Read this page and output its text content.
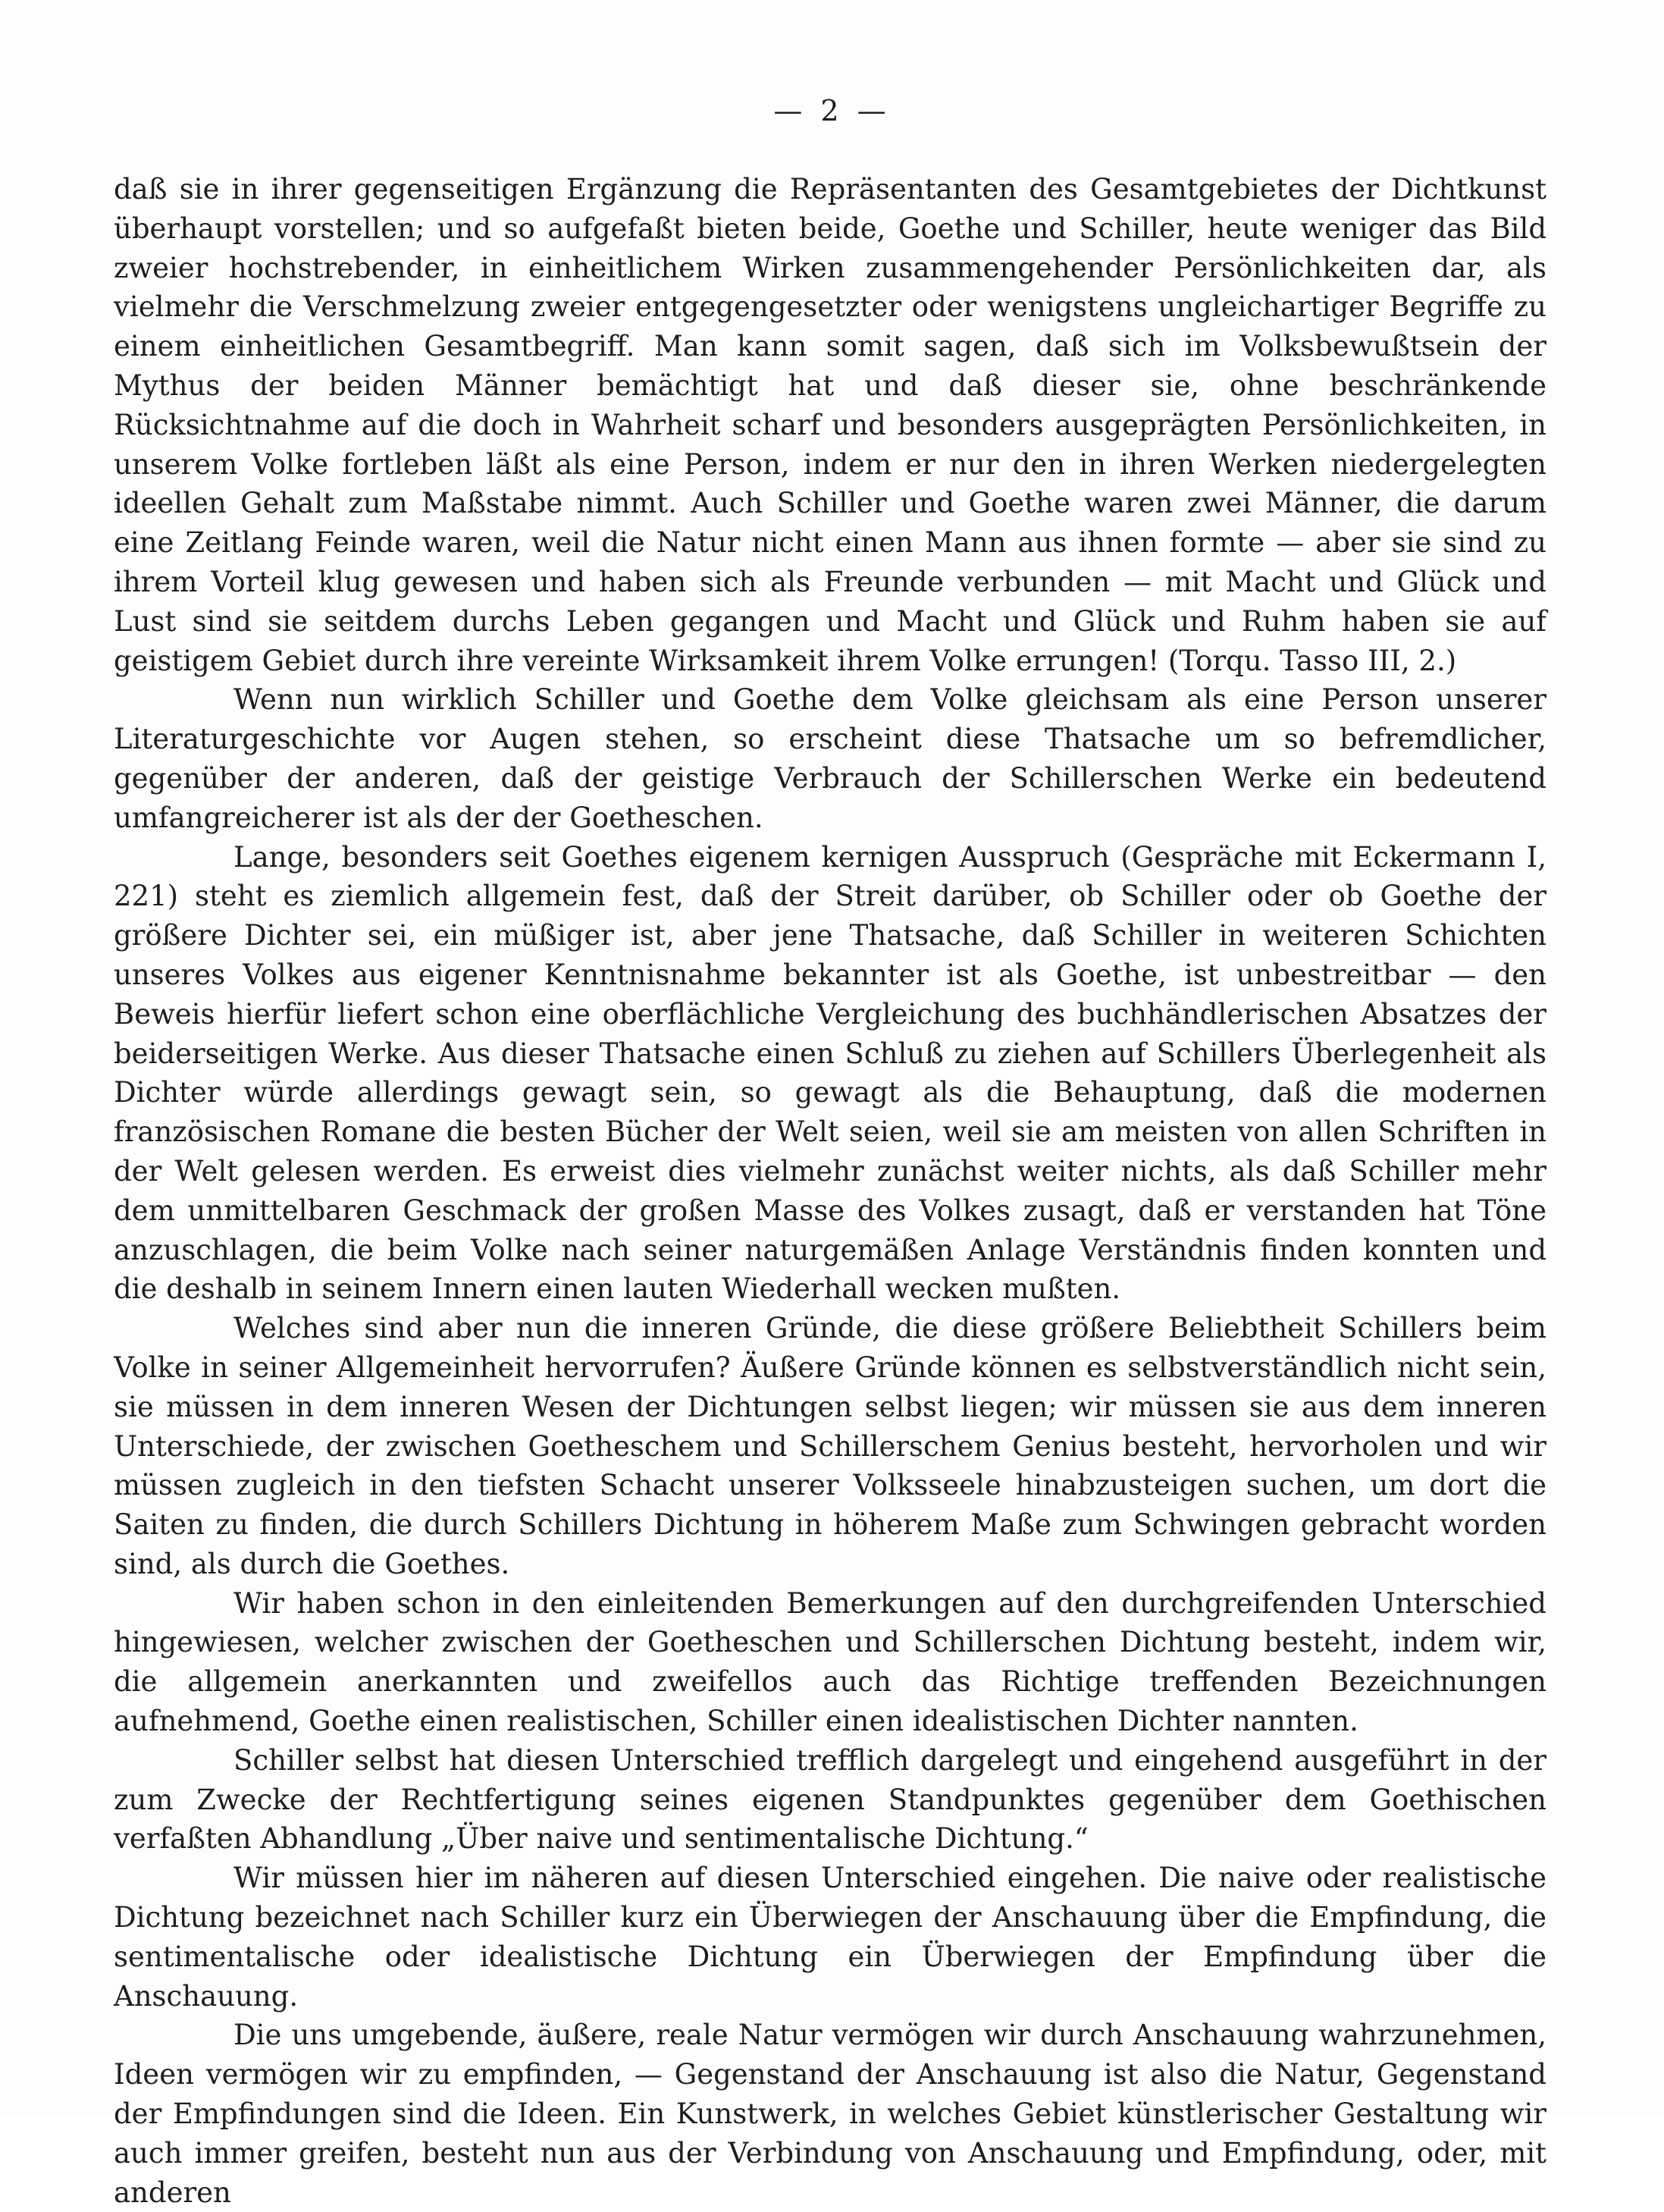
— 2 —

daß sie in ihrer gegenseitigen Ergänzung die Repräsentanten des Gesamtgebietes der Dichtkunst überhaupt vorstellen; und so aufgefaßt bieten beide, Goethe und Schiller, heute weniger das Bild zweier hochstrebender, in einheitlichem Wirken zusammengehender Persönlichkeiten dar, als vielmehr die Verschmelzung zweier entgegengesetzter oder wenigstens ungleichartiger Begriffe zu einem einheitlichen Gesamtbegriff. Man kann somit sagen, daß sich im Volksbewußtsein der Mythus der beiden Männer bemächtigt hat und daß dieser sie, ohne beschränkende Rücksichtnahme auf die doch in Wahrheit scharf und besonders ausgeprägten Persönlichkeiten, in unserem Volke fortleben läßt als eine Person, indem er nur den in ihren Werken niedergelegten ideellen Gehalt zum Maßstabe nimmt. Auch Schiller und Goethe waren zwei Männer, die darum eine Zeitlang Feinde waren, weil die Natur nicht einen Mann aus ihnen formte — aber sie sind zu ihrem Vorteil klug gewesen und haben sich als Freunde verbunden — mit Macht und Glück und Lust sind sie seitdem durchs Leben gegangen und Macht und Glück und Ruhm haben sie auf geistigem Gebiet durch ihre vereinte Wirksamkeit ihrem Volke errungen! (Torqu. Tasso III, 2.)

Wenn nun wirklich Schiller und Goethe dem Volke gleichsam als eine Person unserer Literaturgeschichte vor Augen stehen, so erscheint diese Thatsache um so befremdlicher, gegenüber der anderen, daß der geistige Verbrauch der Schillerschen Werke ein bedeutend umfangreicherer ist als der der Goetheschen.

Lange, besonders seit Goethes eigenem kernigen Ausspruch (Gespräche mit Eckermann I, 221) steht es ziemlich allgemein fest, daß der Streit darüber, ob Schiller oder ob Goethe der größere Dichter sei, ein müßiger ist, aber jene Thatsache, daß Schiller in weiteren Schichten unseres Volkes aus eigener Kenntnisnahme bekannter ist als Goethe, ist unbestreitbar — den Beweis hierfür liefert schon eine oberflächliche Vergleichung des buchhändlerischen Absatzes der beiderseitigen Werke. Aus dieser Thatsache einen Schluß zu ziehen auf Schillers Überlegenheit als Dichter würde allerdings gewagt sein, so gewagt als die Behauptung, daß die modernen französischen Romane die besten Bücher der Welt seien, weil sie am meisten von allen Schriften in der Welt gelesen werden. Es erweist dies vielmehr zunächst weiter nichts, als daß Schiller mehr dem unmittelbaren Geschmack der großen Masse des Volkes zusagt, daß er verstanden hat Töne anzuschlagen, die beim Volke nach seiner naturgemäßen Anlage Verständnis finden konnten und die deshalb in seinem Innern einen lauten Wiederhall wecken mußten.

Welches sind aber nun die inneren Gründe, die diese größere Beliebtheit Schillers beim Volke in seiner Allgemeinheit hervorrufen? Äußere Gründe können es selbstverständlich nicht sein, sie müssen in dem inneren Wesen der Dichtungen selbst liegen; wir müssen sie aus dem inneren Unterschiede, der zwischen Goetheschem und Schillerschem Genius besteht, hervorholen und wir müssen zugleich in den tiefsten Schacht unserer Volksseele hinabzusteigen suchen, um dort die Saiten zu finden, die durch Schillers Dichtung in höherem Maße zum Schwingen gebracht worden sind, als durch die Goethes.

Wir haben schon in den einleitenden Bemerkungen auf den durchgreifenden Unterschied hingewiesen, welcher zwischen der Goetheschen und Schillerschen Dichtung besteht, indem wir, die allgemein anerkannten und zweifellos auch das Richtige treffenden Bezeichnungen aufnehmend, Goethe einen realistischen, Schiller einen idealistischen Dichter nannten.

Schiller selbst hat diesen Unterschied trefflich dargelegt und eingehend ausgeführt in der zum Zwecke der Rechtfertigung seines eigenen Standpunktes gegenüber dem Goethischen verfaßten Abhandlung „Über naive und sentimentalische Dichtung.“

Wir müssen hier im näheren auf diesen Unterschied eingehen. Die naive oder realistische Dichtung bezeichnet nach Schiller kurz ein Überwiegen der Anschauung über die Empfindung, die sentimentalische oder idealistische Dichtung ein Überwiegen der Empfindung über die Anschauung.

Die uns umgebende, äußere, reale Natur vermögen wir durch Anschauung wahrzunehmen, Ideen vermögen wir zu empfinden, — Gegenstand der Anschauung ist also die Natur, Gegenstand der Empfindungen sind die Ideen. Ein Kunstwerk, in welches Gebiet künstlerischer Gestaltung wir auch immer greifen, besteht nun aus der Verbindung von Anschauung und Empfindung, oder, mit anderen
